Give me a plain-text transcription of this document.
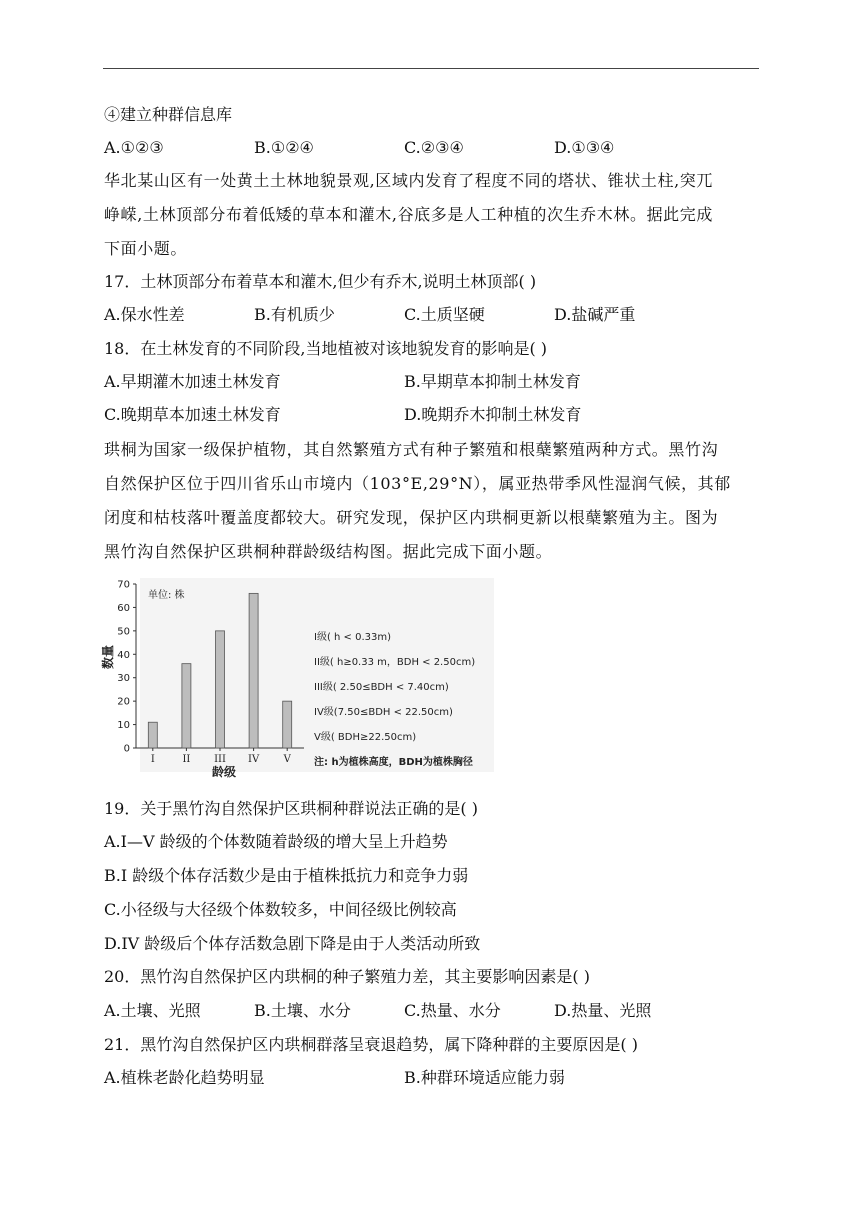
④建立种群信息库
A.①②③	B.①②④	C.②③④	D.①③④
华北某山区有一处黄土土林地貌景观,区域内发育了程度不同的塔状、锥状土柱,突兀
峥嵘,土林顶部分布着低矮的草本和灌木,谷底多是人工种植的次生乔木林。据此完成
下面小题。
17．土林顶部分布着草本和灌木,但少有乔木,说明土林顶部( )
A.保水性差	B.有机质少	C.土质坚硬	D.盐碱严重
18．在土林发育的不同阶段,当地植被对该地貌发育的影响是( )
A.早期灌木加速土林发育	B.早期草本抑制土林发育
C.晚期草本加速土林发育	D.晚期乔木抑制土林发育
珙桐为国家一级保护植物，其自然繁殖方式有种子繁殖和根蘖繁殖两种方式。黑竹沟
自然保护区位于四川省乐山市境内（103°E,29°N），属亚热带季风性湿润气候，其郁
闭度和枯枝落叶覆盖度都较大。研究发现，保护区内珙桐更新以根蘖繁殖为主。图为
黑竹沟自然保护区珙桐种群龄级结构图。据此完成下面小题。
0
10
20
30
40
50
60
70
I	II III IV V
单位: 株
数量
龄级
I级( h < 0.33m)
II级( h≥0.33 m，BDH < 2.50cm)
III级( 2.50≤BDH < 7.40cm)
IV级(7.50≤BDH < 22.50cm)
V级( BDH≥22.50cm)
注: h为植株高度，BDH为植株胸径
19．关于黑竹沟自然保护区珙桐种群说法正确的是( )
A.I—V 龄级的个体数随着龄级的增大呈上升趋势
B.I 龄级个体存活数少是由于植株抵抗力和竞争力弱
C.小径级与大径级个体数较多，中间径级比例较高
D.IV 龄级后个体存活数急剧下降是由于人类活动所致
20．黑竹沟自然保护区内珙桐的种子繁殖力差，其主要影响因素是( )
A.土壤、光照	B.土壤、水分	C.热量、水分	D.热量、光照
21．黑竹沟自然保护区内珙桐群落呈衰退趋势，属下降种群的主要原因是( )
A.植株老龄化趋势明显	B.种群环境适应能力弱
